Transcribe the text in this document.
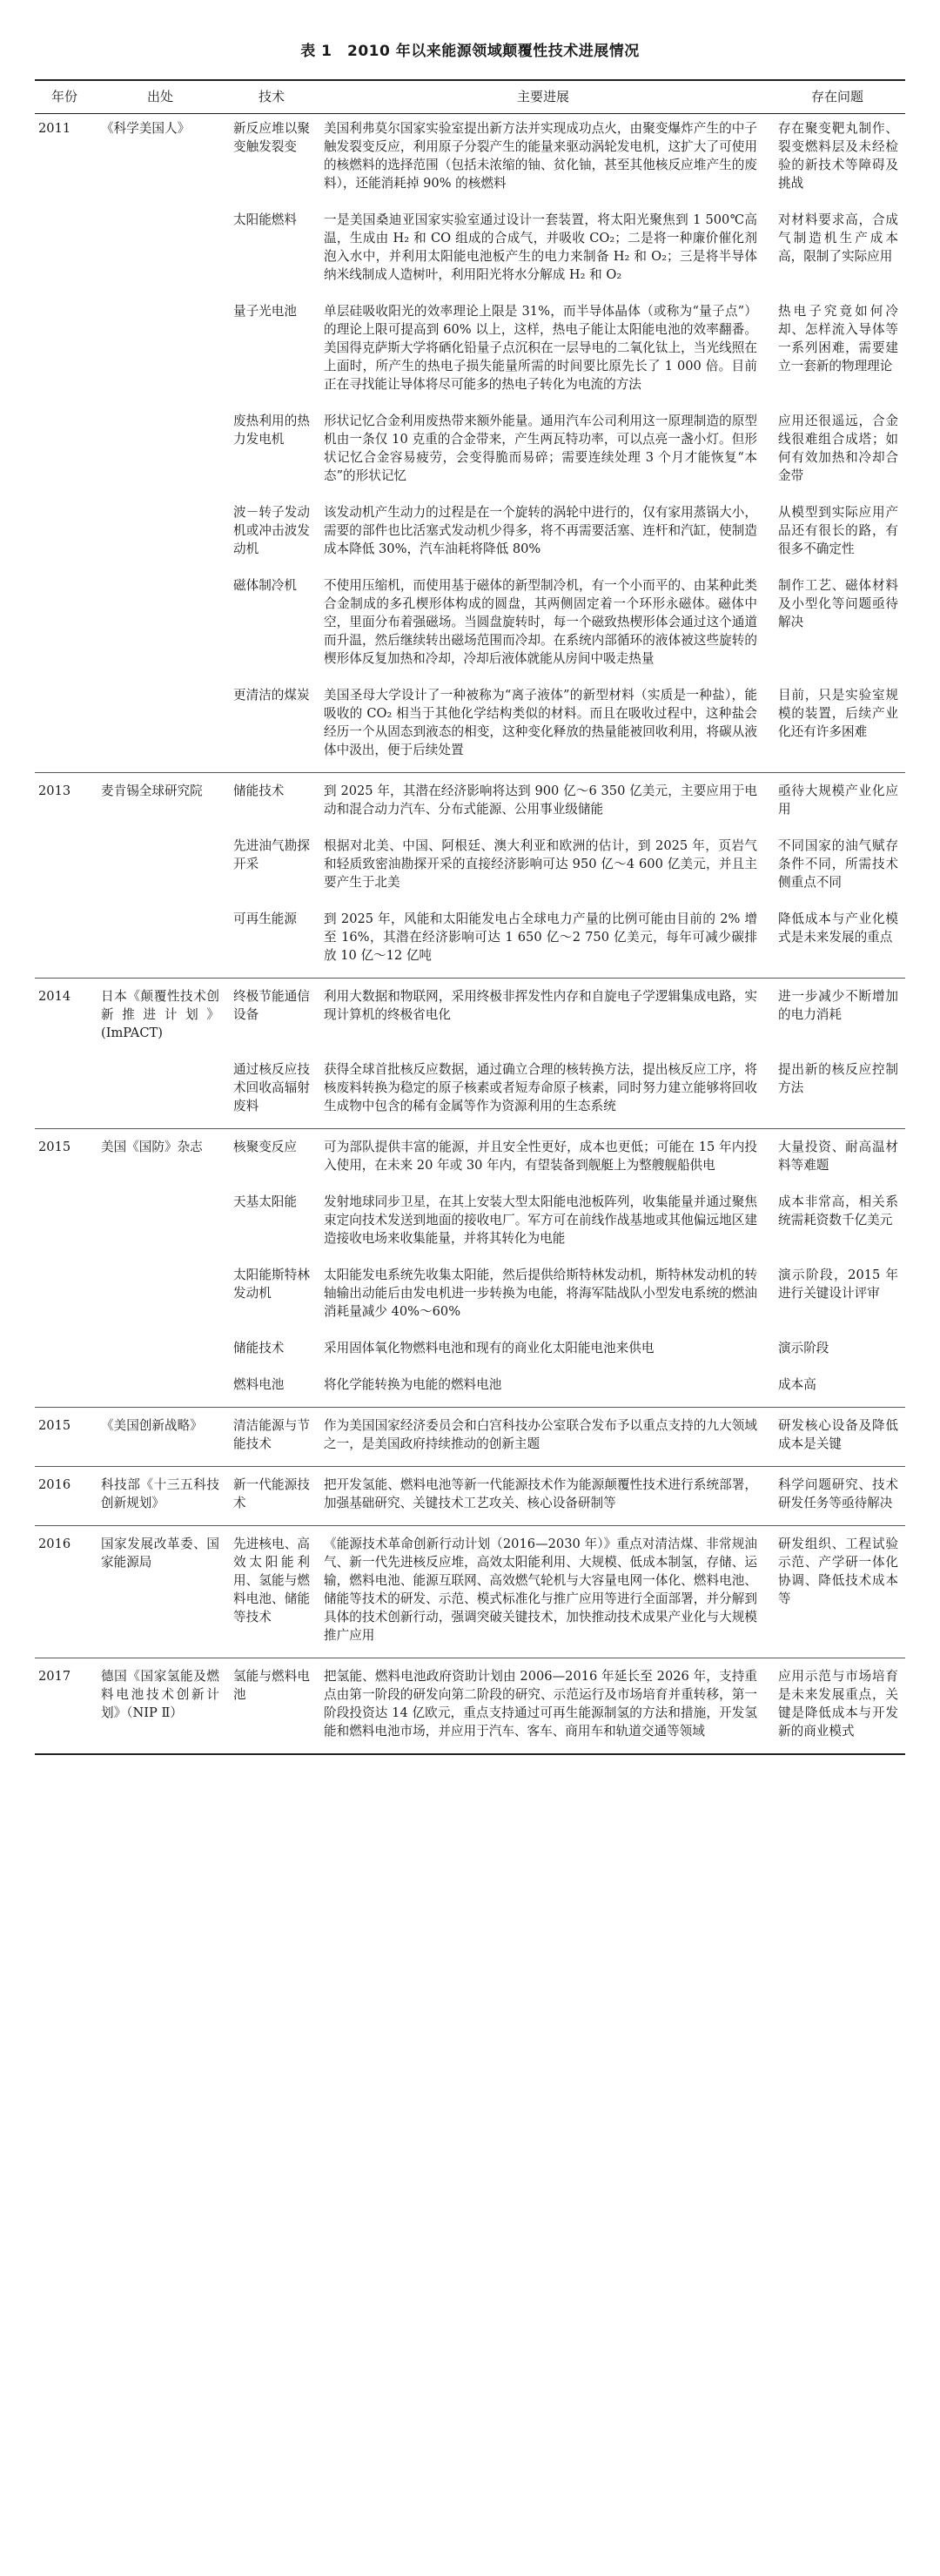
表 1　2010 年以来能源领域颠覆性技术进展情况
年份	出处	技术	主要进展	存在问题
2011	《科学美国人》	新反应堆以聚变触发裂变	美国利弗莫尔国家实验室提出新方法并实现成功点火，由聚变爆炸产生的中子触发裂变反应，利用原子分裂产生的能量来驱动涡轮发电机，这扩大了可使用的核燃料的选择范围（包括未浓缩的铀、贫化铀，甚至其他核反应堆产生的废料），还能消耗掉 90% 的核燃料	存在聚变靶丸制作、裂变燃料层及未经检验的新技术等障碍及挑战
		太阳能燃料	一是美国桑迪亚国家实验室通过设计一套装置，将太阳光聚焦到 1 500℃高温，生成由 H₂ 和 CO 组成的合成气，并吸收 CO₂；二是将一种廉价催化剂泡入水中，并利用太阳能电池板产生的电力来制备 H₂ 和 O₂；三是将半导体纳米线制成人造树叶，利用阳光将水分解成 H₂ 和 O₂	对材料要求高，合成气制造机生产成本高，限制了实际应用
		量子光电池	单层硅吸收阳光的效率理论上限是 31%，而半导体晶体（或称为“量子点”）的理论上限可提高到 60% 以上，这样，热电子能让太阳能电池的效率翻番。美国得克萨斯大学将硒化铅量子点沉积在一层导电的二氧化钛上，当光线照在上面时，所产生的热电子损失能量所需的时间要比原先长了 1 000 倍。目前正在寻找能让导体将尽可能多的热电子转化为电流的方法	热电子究竟如何冷却、怎样流入导体等一系列困难，需要建立一套新的物理理论
		废热利用的热力发电机	形状记忆合金利用废热带来额外能量。通用汽车公司利用这一原理制造的原型机由一条仅 10 克重的合金带来，产生两瓦特功率，可以点亮一盏小灯。但形状记忆合金容易疲劳，会变得脆而易碎；需要连续处理 3 个月才能恢复“本态”的形状记忆	应用还很遥远，合金线很难组合成塔；如何有效加热和冷却合金带
		波－转子发动机或冲击波发动机	该发动机产生动力的过程是在一个旋转的涡轮中进行的，仅有家用蒸锅大小，需要的部件也比活塞式发动机少得多，将不再需要活塞、连杆和汽缸，使制造成本降低 30%，汽车油耗将降低 80%	从模型到实际应用产品还有很长的路，有很多不确定性
		磁体制冷机	不使用压缩机，而使用基于磁体的新型制冷机，有一个小而平的、由某种此类合金制成的多孔楔形体构成的圆盘，其两侧固定着一个环形永磁体。磁体中空，里面分布着强磁场。当圆盘旋转时，每一个磁致热楔形体会通过这个通道而升温，然后继续转出磁场范围而冷却。在系统内部循环的液体被这些旋转的楔形体反复加热和冷却，冷却后液体就能从房间中吸走热量	制作工艺、磁体材料及小型化等问题亟待解决
		更清洁的煤炭	美国圣母大学设计了一种被称为“离子液体”的新型材料（实质是一种盐），能吸收的 CO₂ 相当于其他化学结构类似的材料。而且在吸收过程中，这种盐会经历一个从固态到液态的相变，这种变化释放的热量能被回收利用，将碳从液体中汲出，便于后续处置	目前，只是实验室规模的装置，后续产业化还有许多困难
2013	麦肯锡全球研究院	储能技术	到 2025 年，其潜在经济影响将达到 900 亿～6 350 亿美元，主要应用于电动和混合动力汽车、分布式能源、公用事业级储能	亟待大规模产业化应用
		先进油气勘探开采	根据对北美、中国、阿根廷、澳大利亚和欧洲的估计，到 2025 年，页岩气和轻质致密油勘探开采的直接经济影响可达 950 亿～4 600 亿美元，并且主要产生于北美	不同国家的油气赋存条件不同，所需技术侧重点不同
		可再生能源	到 2025 年，风能和太阳能发电占全球电力产量的比例可能由目前的 2% 增至 16%，其潜在经济影响可达 1 650 亿～2 750 亿美元，每年可减少碳排放 10 亿～12 亿吨	降低成本与产业化模式是未来发展的重点
2014	日本《颠覆性技术创新推进计划》(ImPACT)	终极节能通信设备	利用大数据和物联网，采用终极非挥发性内存和自旋电子学逻辑集成电路，实现计算机的终极省电化	进一步减少不断增加的电力消耗
		通过核反应技术回收高辐射废料	获得全球首批核反应数据，通过确立合理的核转换方法，提出核反应工序，将核废料转换为稳定的原子核素或者短寿命原子核素，同时努力建立能够将回收生成物中包含的稀有金属等作为资源利用的生态系统	提出新的核反应控制方法
2015	美国《国防》杂志	核聚变反应	可为部队提供丰富的能源，并且安全性更好，成本也更低；可能在 15 年内投入使用，在未来 20 年或 30 年内，有望装备到舰艇上为整艘舰船供电	大量投资、耐高温材料等难题
		天基太阳能	发射地球同步卫星，在其上安装大型太阳能电池板阵列，收集能量并通过聚焦束定向技术发送到地面的接收电厂。军方可在前线作战基地或其他偏远地区建造接收电场来收集能量，并将其转化为电能	成本非常高，相关系统需耗资数千亿美元
		太阳能斯特林发动机	太阳能发电系统先收集太阳能，然后提供给斯特林发动机，斯特林发动机的转轴输出动能后由发电机进一步转换为电能，将海军陆战队小型发电系统的燃油消耗量减少 40%～60%	演示阶段，2015 年进行关键设计评审
		储能技术	采用固体氧化物燃料电池和现有的商业化太阳能电池来供电	演示阶段
		燃料电池	将化学能转换为电能的燃料电池	成本高
2015	《美国创新战略》	清洁能源与节能技术	作为美国国家经济委员会和白宫科技办公室联合发布予以重点支持的九大领域之一，是美国政府持续推动的创新主题	研发核心设备及降低成本是关键
2016	科技部《十三五科技创新规划》	新一代能源技术	把开发氢能、燃料电池等新一代能源技术作为能源颠覆性技术进行系统部署，加强基础研究、关键技术工艺攻关、核心设备研制等	科学问题研究、技术研发任务等亟待解决
2016	国家发展改革委、国家能源局	先进核电、高效太阳能利用、氢能与燃料电池、储能等技术	《能源技术革命创新行动计划（2016—2030 年）》重点对清洁煤、非常规油气、新一代先进核反应堆，高效太阳能利用、大规模、低成本制氢，存储、运输，燃料电池、能源互联网、高效燃气轮机与大容量电网一体化、燃料电池、储能等技术的研发、示范、模式标准化与推广应用等进行全面部署，并分解到具体的技术创新行动，强调突破关键技术，加快推动技术成果产业化与大规模推广应用	研发组织、工程试验示范、产学研一体化协调、降低技术成本等
2017	德国《国家氢能及燃料电池技术创新计划》（NIP Ⅱ）	氢能与燃料电池	把氢能、燃料电池政府资助计划由 2006—2016 年延长至 2026 年，支持重点由第一阶段的研发向第二阶段的研究、示范运行及市场培育并重转移，第一阶段投资达 14 亿欧元，重点支持通过可再生能源制氢的方法和措施，开发氢能和燃料电池市场，并应用于汽车、客车、商用车和轨道交通等领域	应用示范与市场培育是未来发展重点，关键是降低成本与开发新的商业模式
